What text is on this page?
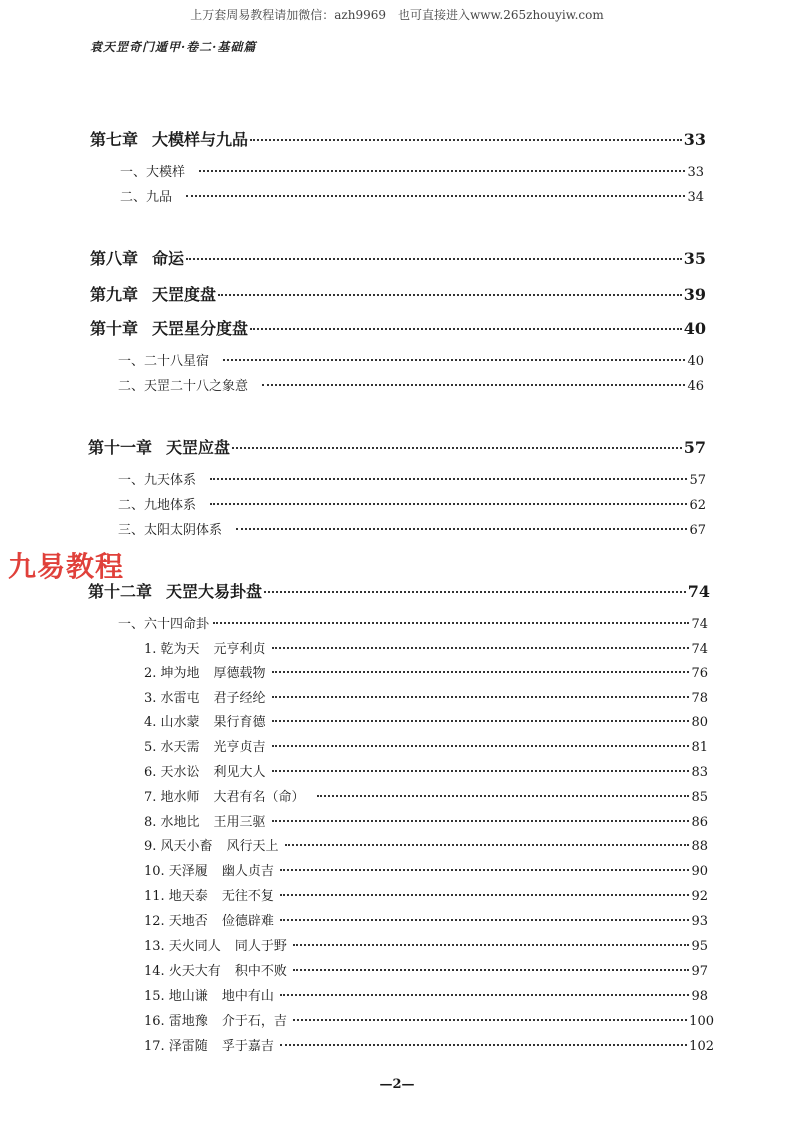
上万套周易教程请加微信：azh9969　也可直接进入www.265zhouyiw.com
袁天罡奇门遁甲·卷二·基础篇
九易教程
第七章 大模样与九品	33
一、大模样	33
二、九品	34
第八章 命运	35
第九章 天罡度盘	39
第十章 天罡星分度盘	40
一、二十八星宿	40
二、天罡二十八之象意	46
第十一章 天罡应盘	57
一、九天体系	57
二、九地体系	62
三、太阳太阴体系	67
第十二章 天罡大易卦盘	74
一、六十四命卦	74
1. 乾为天 元亨利贞	74
2. 坤为地 厚德载物	76
3. 水雷屯 君子经纶	78
4. 山水蒙 果行育德	80
5. 水天需 光亨贞吉	81
6. 天水讼 利见大人	83
7. 地水师 大君有名（命）	85
8. 水地比 王用三驱	86
9. 风天小畜 风行天上	88
10. 天泽履 幽人贞吉	90
11. 地天泰 无往不复	92
12. 天地否 俭德辟难	93
13. 天火同人 同人于野	95
14. 火天大有 积中不败	97
15. 地山谦 地中有山	98
16. 雷地豫 介于石，吉	100
17. 泽雷随 孚于嘉吉	102
—2—
